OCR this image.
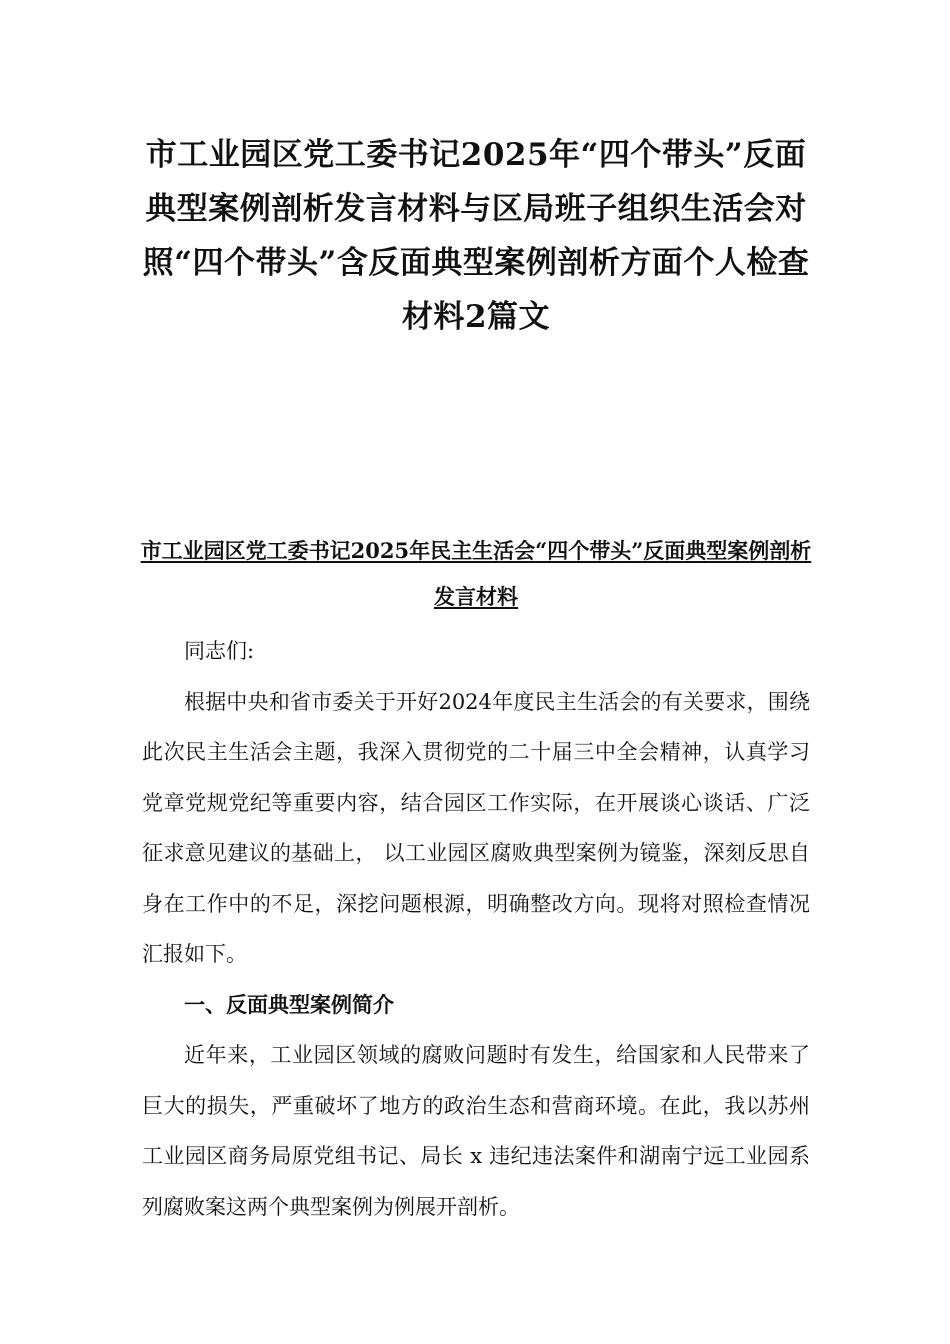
市工业园区党工委书记2025年“四个带头”反面典型案例剖析发言材料与区局班子组织生活会对照“四个带头”含反面典型案例剖析方面个人检查材料2篇文
市工业园区党工委书记2025年民主生活会“四个带头”反面典型案例剖析发言材料

同志们:

根据中央和省市委关于开好2024年度民主生活会的有关要求，围绕此次民主生活会主题，我深入贯彻党的二十届三中全会精神，认真学习党章党规党纪等重要内容，结合园区工作实际，在开展谈心谈话、广泛征求意见建议的基础上， 以工业园区腐败典型案例为镜鉴，深刻反思自身在工作中的不足，深挖问题根源，明确整改方向。现将对照检查情况汇报如下。

一、反面典型案例简介

近年来，工业园区领域的腐败问题时有发生，给国家和人民带来了巨大的损失，严重破坏了地方的政治生态和营商环境。在此，我以苏州工业园区商务局原党组书记、局长 x 违纪违法案件和湖南宁远工业园系列腐败案这两个典型案例为例展开剖析。
